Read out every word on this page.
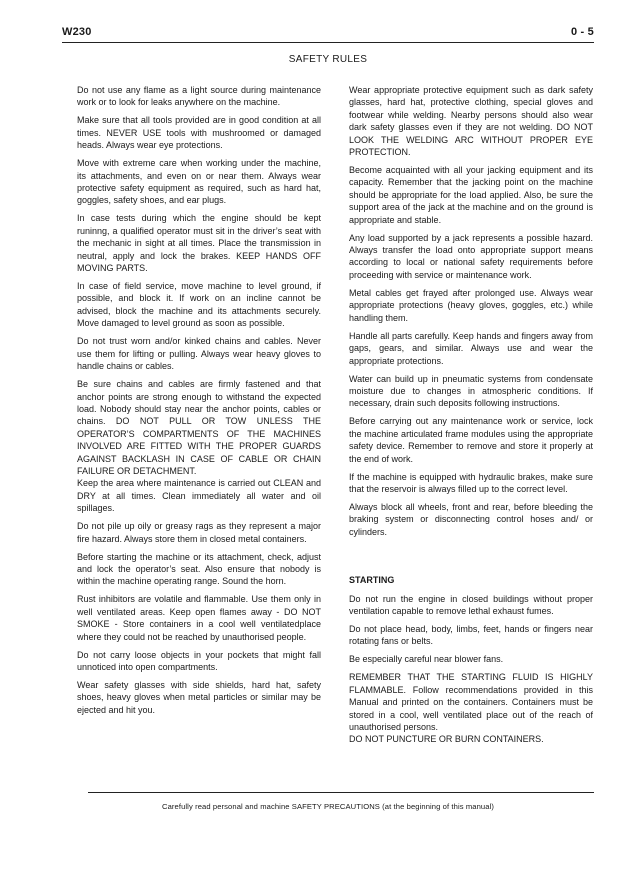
W230	0 - 5
SAFETY RULES

Do not use any flame as a light source during maintenance work or to look for leaks anywhere on the machine.

Make sure that all tools provided are in good condition at all times. NEVER USE tools with mushroomed or damaged heads. Always wear eye protections.

Move with extreme care when working under the machine, its attachments, and even on or near them. Always wear protective safety equipment as required, such as hard hat, goggles, safety shoes, and ear plugs.

In case tests during which the engine should be kept runinng, a qualified operator must sit in the driver’s seat with the mechanic in sight at all times. Place the transmission in neutral, apply and lock the brakes. KEEP HANDS OFF MOVING PARTS.

In case of field service, move machine to level ground, if possible, and block it. If work on an incline cannot be advised, block the machine and its attachments securely. Move damaged to level ground as soon as possible.

Do not trust worn and/or kinked chains and cables. Never use them for lifting or pulling. Always wear heavy gloves to handle chains or cables.

Be sure chains and cables are firmly fastened and that anchor points are strong enough to withstand the expected load. Nobody should stay near the anchor points, cables or chains. DO NOT PULL OR TOW UNLESS THE OPERATOR’S COMPARTMENTS OF THE MACHINES INVOLVED ARE FITTED WITH THE PROPER GUARDS AGAINST BACKLASH IN CASE OF CABLE OR CHAIN FAILURE OR DETACHMENT.

Keep the area where maintenance is carried out CLEAN and DRY at all times. Clean immediately all water and oil spillages.

Do not pile up oily or greasy rags as they represent a major fire hazard. Always store them in closed metal containers.

Before starting the machine or its attachment, check, adjust and lock the operator’s seat. Also ensure that nobody is within the machine operating range. Sound the horn.

Rust inhibitors are volatile and flammable. Use them only in well ventilated areas. Keep open flames away - DO NOT SMOKE - Store containers in a cool well ventilatedplace where they could not be reached by unauthorised people.

Do not carry loose objects in your pockets that might fall unnoticed into open compartments.

Wear safety glasses with side shields, hard hat, safety shoes, heavy gloves when metal particles or similar may be ejected and hit you.

Wear appropriate protective equipment such as dark safety glasses, hard hat, protective clothing, special gloves and footwear while welding. Nearby persons should also wear dark safety glasses even if they are not welding. DO NOT LOOK THE WELDING ARC WITHOUT PROPER EYE PROTECTION.

Become acquainted with all your jacking equipment and its capacity. Remember that the jacking point on the machine should be appropriate for the load applied. Also, be sure the support area of the jack at the machine and on the ground is appropriate and stable.

Any load supported by a jack represents a possible hazard. Always transfer the load onto appropriate support means according to local or national safety requirements before proceeding with service or maintenance work.

Metal cables get frayed after prolonged use. Always wear appropriate protections (heavy gloves, goggles, etc.) while handling them.

Handle all parts carefully. Keep hands and fingers away from gaps, gears, and similar. Always use and wear the appropriate protections.

Water can build up in pneumatic systems from condensate moisture due to changes in atmospheric conditions. If necessary, drain such deposits following instructions.

Before carrying out any maintenance work or service, lock the machine articulated frame modules using the appropriate safety device. Remember to remove and store it properly at the end of work.

If the machine is equipped with hydraulic brakes, make sure that the reservoir is always filled up to the correct level.

Always block all wheels, front and rear, before bleeding the braking system or disconnecting control hoses and/ or cylinders.

STARTING

Do not run the engine in closed buildings without proper ventilation capable to remove lethal exhaust fumes.

Do not place head, body, limbs, feet, hands or fingers near rotating fans or belts.

Be especially careful near blower fans.

REMEMBER THAT THE STARTING FLUID IS HIGHLY FLAMMABLE. Follow recommendations provided in this Manual and printed on the containers. Containers must be stored in a cool, well ventilated place out of the reach of unauthorised persons.

DO NOT PUNCTURE OR BURN CONTAINERS.

Carefully read personal and machine SAFETY PRECAUTIONS (at the beginning of this manual)
